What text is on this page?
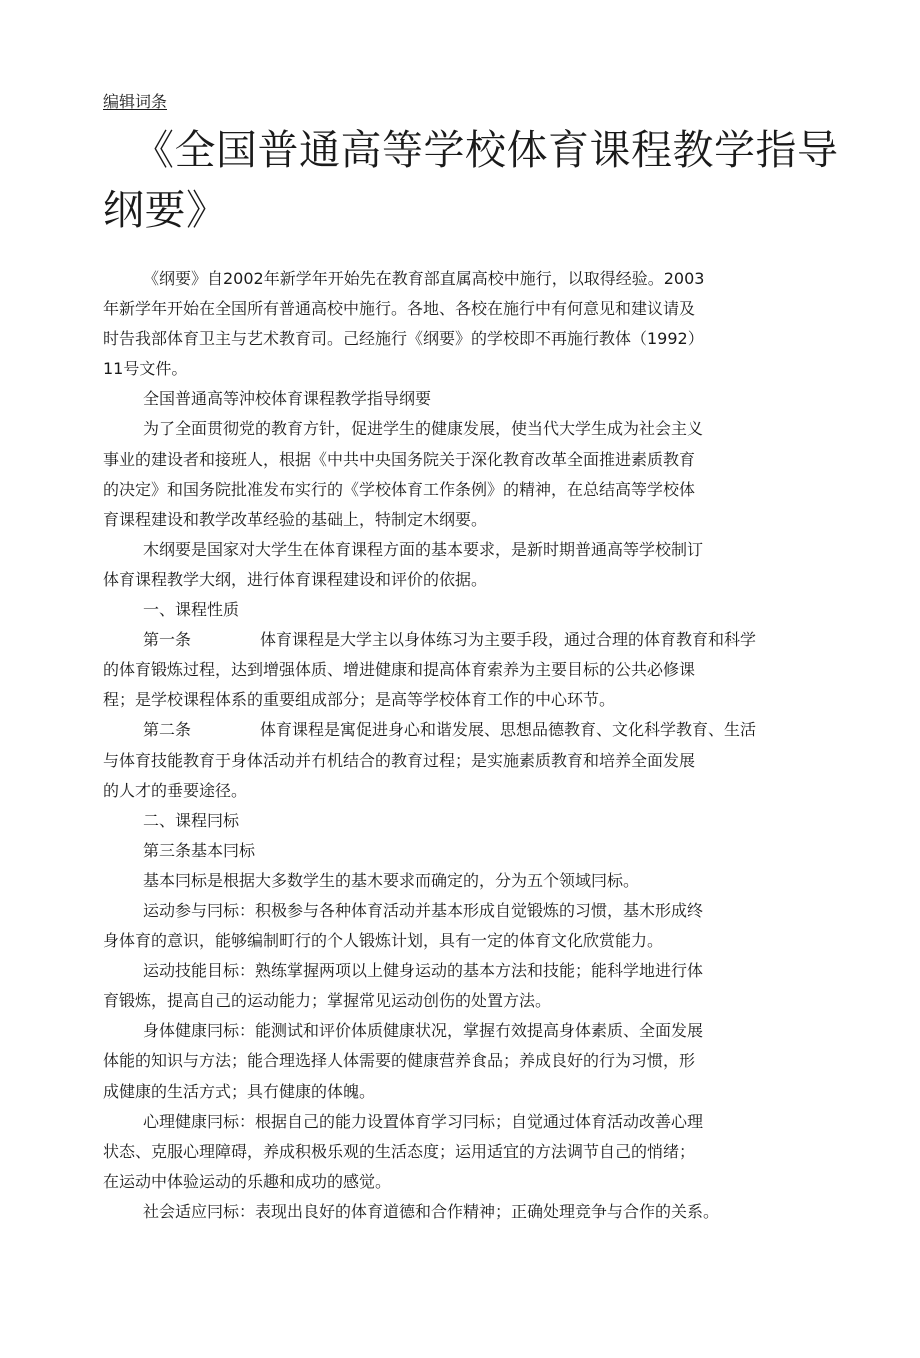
编辑词条
《全国普通高等学校体育课程教学指导
纲要》
《纲要》自2002年新学年开始先在教育部直属高校中施行，以取得经验。2003
年新学年开始在全国所有普通高校中施行。各地、各校在施行中有何意见和建议请及
时告我部体育卫主与艺术教育司。己经施行《纲要》的学校即不再施行教体（1992）
11号文件。
全国普通高等沖校体育课程教学指导纲要
为了全面贯彻党的教育方针，促进学生的健康发展，使当代大学生成为社会主义
事业的建设者和接班人，根据《中共中央国务院关于深化教育改革全面推进素质教育
的决定》和国务院批准发布实行的《学校体育工作条例》的精神，在总结高等学校体
育课程建设和教学改革经验的基础上，特制定木纲要。
木纲要是国家对大学生在体育课程方面的基本要求，是新时期普通高等学校制订
体育课程教学大纲，进行体育课程建设和评价的依据。
一、课程性质
第一条	体育课程是大学主以身体练习为主要手段，通过合理的体育教育和科学
的体育锻炼过程，达到增强体质、增进健康和提高体育索养为主要目标的公共必修课
程；是学校课程体系的重要组成部分；是高等学校体育工作的中心环节。
第二条	体育课程是寓促进身心和谐发展、思想品德教育、文化科学教育、生活
与体育技能教育于身体活动并冇机结合的教育过程；是实施素质教育和培养全面发展
的人才的垂要途径。
二、课程冃标
第三条基本冃标
基本冃标是根据大多数学生的基木要求而确定的，分为五个领域冃标。
运动参与冃标：积极参与各种体育活动并基本形成自觉锻炼的习惯，基木形成终
身体育的意识，能够编制町行的个人锻炼计划，具有一定的体育文化欣赏能力。
运动技能目标：熟练掌握两项以上健身运动的基本方法和技能；能科学地进行体
育锻炼，提高自己的运动能力；掌握常见运动创伤的处置方法。
身体健康冃标：能测试和评价体质健康状况，掌握冇效提高身体素质、全面发展
体能的知识与方法；能合理选择人体需要的健康营养食品；养成良好的行为习惯，形
成健康的生活方式；具冇健康的体魄。
心理健康冃标：根据自己的能力设置体育学习冃标；自觉通过体育活动改善心理
状态、克服心理障碍，养成积极乐观的生活态度；运用适宜的方法调节自己的悄绪；
在运动中体验运动的乐趣和成功的感觉。
社会适应冃标：表现出良好的体育道德和合作精神；正确处理竞争与合作的关系。
